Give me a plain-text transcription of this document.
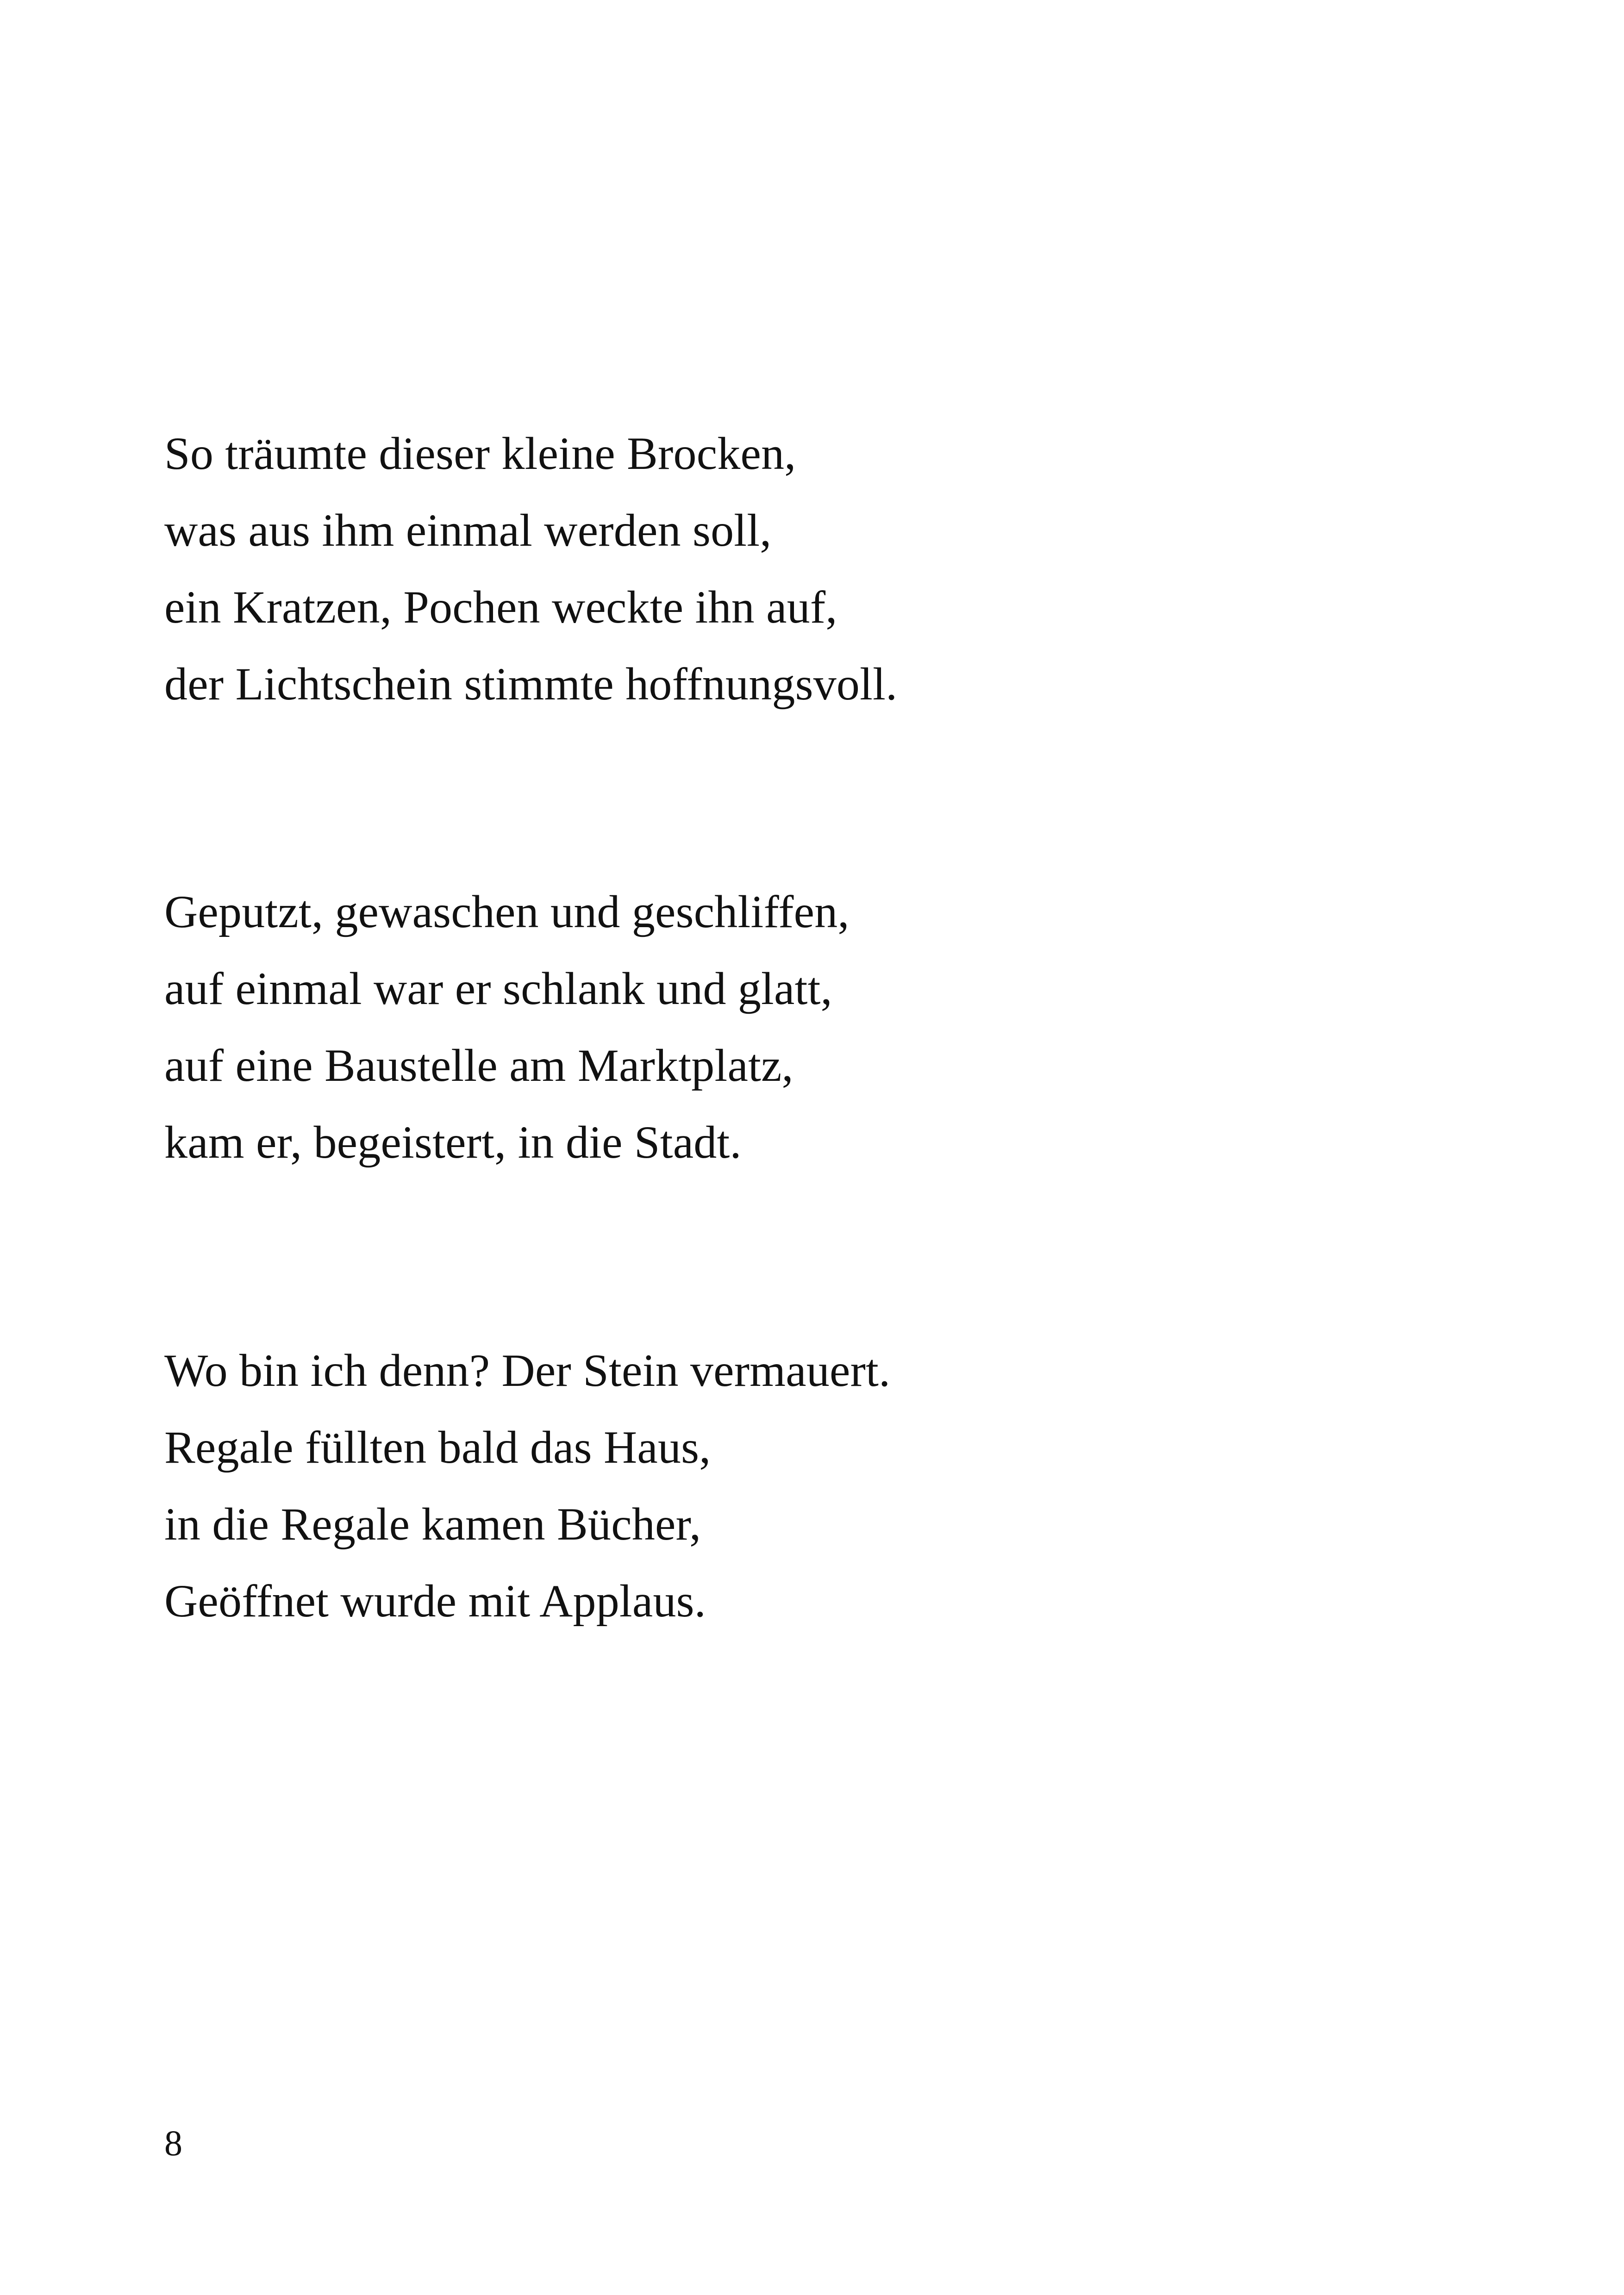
So träumte dieser kleine Brocken,
was aus ihm einmal werden soll,
ein Kratzen, Pochen weckte ihn auf,
der Lichtschein stimmte hoffnungsvoll.
Geputzt, gewaschen und geschliffen,
auf einmal war er schlank und glatt,
auf eine Baustelle am Marktplatz,
kam er, begeistert, in die Stadt.
Wo bin ich denn? Der Stein vermauert.
Regale füllten bald das Haus,
in die Regale kamen Bücher,
Geöffnet wurde mit Applaus.
8
